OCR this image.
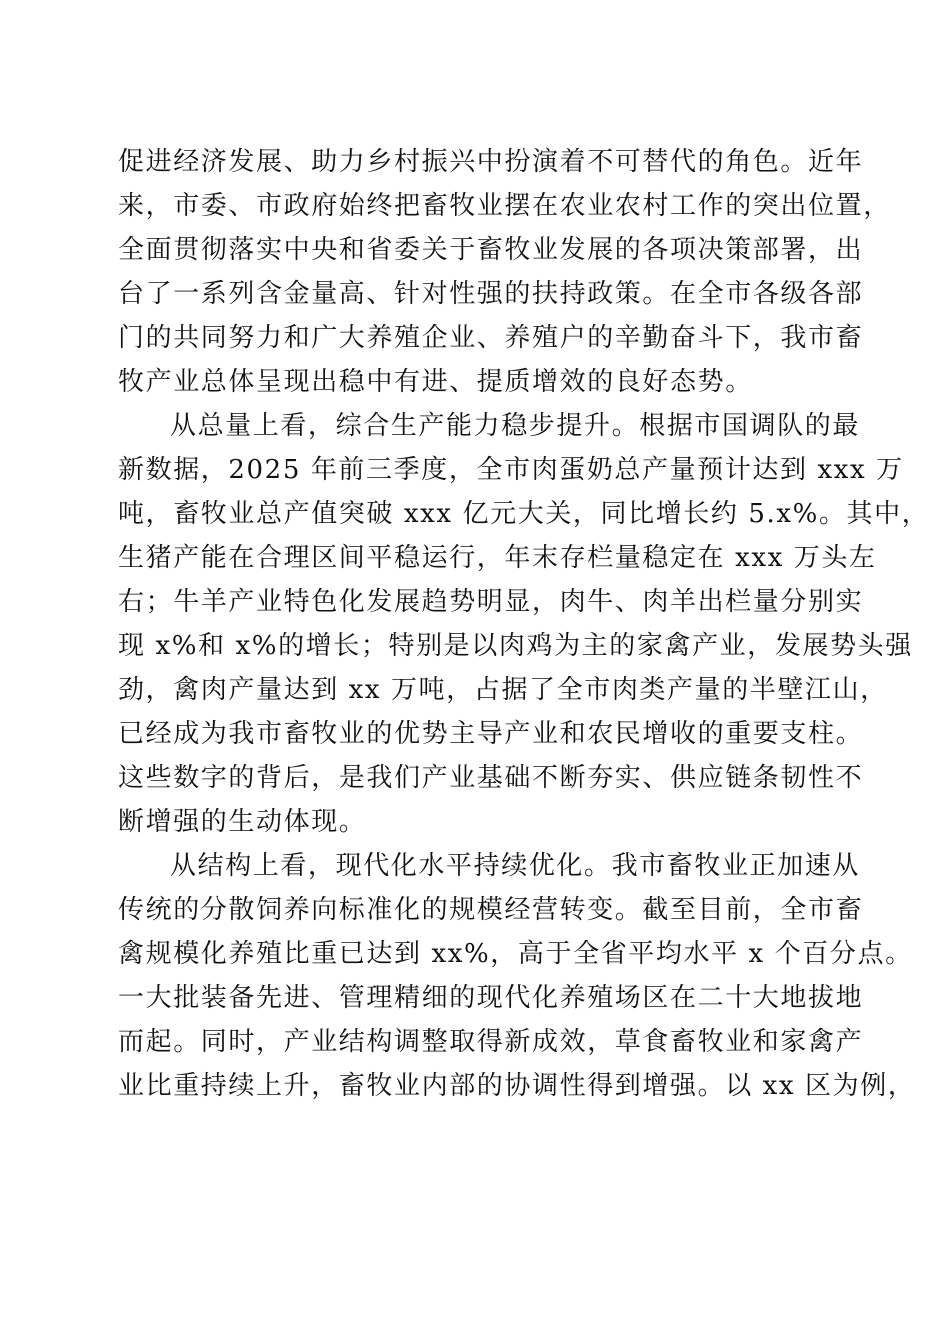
促进经济发展、助力乡村振兴中扮演着不可替代的角色。近年
来，市委、市政府始终把畜牧业摆在农业农村工作的突出位置，
全面贯彻落实中央和省委关于畜牧业发展的各项决策部署，出
台了一系列含金量高、针对性强的扶持政策。在全市各级各部
门的共同努力和广大养殖企业、养殖户的辛勤奋斗下，我市畜
牧产业总体呈现出稳中有进、提质增效的良好态势。
从总量上看，综合生产能力稳步提升。根据市国调队的最
新数据，2025 年前三季度，全市肉蛋奶总产量预计达到 xxx 万
吨，畜牧业总产值突破 xxx 亿元大关，同比增长约 5.x%。其中，
生猪产能在合理区间平稳运行，年末存栏量稳定在 xxx 万头左
右；牛羊产业特色化发展趋势明显，肉牛、肉羊出栏量分别实
现 x%和 x%的增长；特别是以肉鸡为主的家禽产业，发展势头强
劲，禽肉产量达到 xx 万吨，占据了全市肉类产量的半壁江山，
已经成为我市畜牧业的优势主导产业和农民增收的重要支柱。
这些数字的背后，是我们产业基础不断夯实、供应链条韧性不
断增强的生动体现。
从结构上看，现代化水平持续优化。我市畜牧业正加速从
传统的分散饲养向标准化的规模经营转变。截至目前，全市畜
禽规模化养殖比重已达到 xx%，高于全省平均水平 x 个百分点。
一大批装备先进、管理精细的现代化养殖场区在二十大地拔地
而起。同时，产业结构调整取得新成效，草食畜牧业和家禽产
业比重持续上升，畜牧业内部的协调性得到增强。以 xx 区为例，
